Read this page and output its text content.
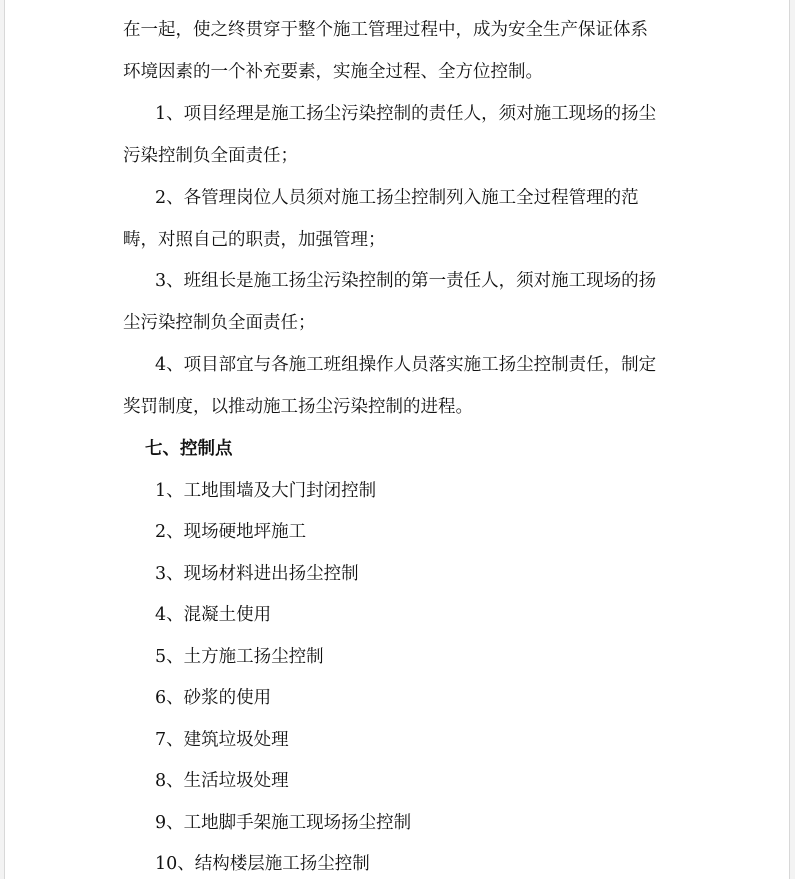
在一起，使之终贯穿于整个施工管理过程中，成为安全生产保证体系
环境因素的一个补充要素，实施全过程、全方位控制。
1、项目经理是施工扬尘污染控制的责任人，须对施工现场的扬尘
污染控制负全面责任；
2、各管理岗位人员须对施工扬尘控制列入施工全过程管理的范
畴，对照自己的职责，加强管理；
3、班组长是施工扬尘污染控制的第一责任人，须对施工现场的扬
尘污染控制负全面责任；
4、项目部宜与各施工班组操作人员落实施工扬尘控制责任，制定
奖罚制度，以推动施工扬尘污染控制的进程。
七、控制点
1、工地围墙及大门封闭控制
2、现场硬地坪施工
3、现场材料进出扬尘控制
4、混凝土使用
5、土方施工扬尘控制
6、砂浆的使用
7、建筑垃圾处理
8、生活垃圾处理
9、工地脚手架施工现场扬尘控制
10、结构楼层施工扬尘控制
